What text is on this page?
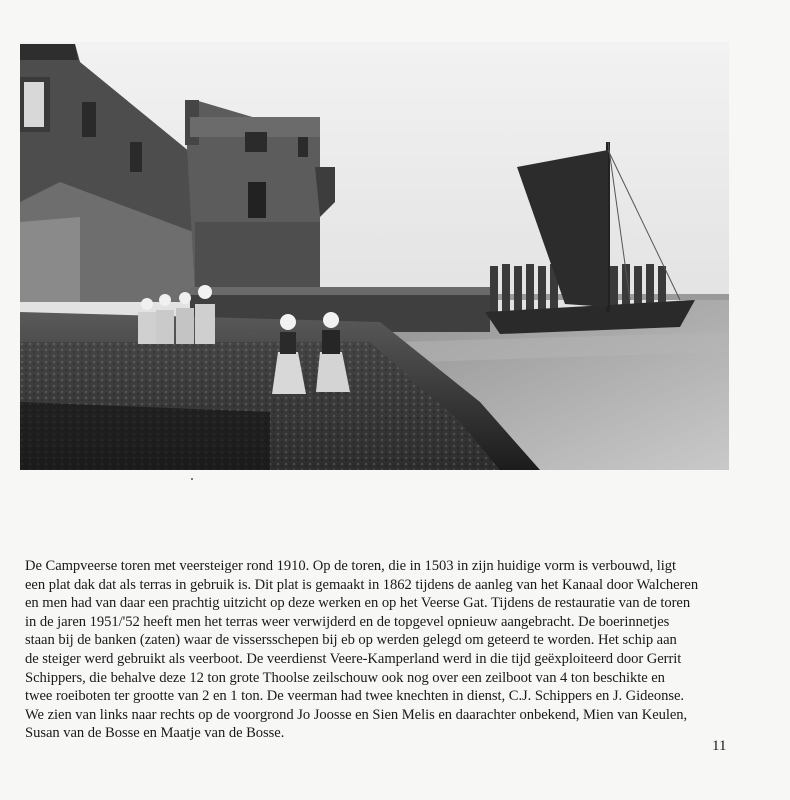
De Campveerse toren met veersteiger rond 1910. Op de toren, die in 1503 in zijn huidige vorm is verbouwd, ligt
een plat dak dat als terras in gebruik is. Dit plat is gemaakt in 1862 tijdens de aanleg van het Kanaal door Walcheren
en men had van daar een prachtig uitzicht op deze werken en op het Veerse Gat. Tijdens de restauratie van de toren
in de jaren 1951/'52 heeft men het terras weer verwijderd en de topgevel opnieuw aangebracht. De boerinnetjes
staan bij de banken (zaten) waar de vissersschepen bij eb op werden gelegd om geteerd te worden. Het schip aan
de steiger werd gebruikt als veerboot. De veerdienst Veere-Kamperland werd in die tijd geëxploiteerd door Gerrit
Schippers, die behalve deze 12 ton grote Thoolse zeilschouw ook nog over een zeilboot van 4 ton beschikte en
twee roeiboten ter grootte van 2 en 1 ton. De veerman had twee knechten in dienst, C.J. Schippers en J. Gideonse.
We zien van links naar rechts op de voorgrond Jo Joosse en Sien Melis en daarachter onbekend, Mien van Keulen,
Susan van de Bosse en Maatje van de Bosse.
11
